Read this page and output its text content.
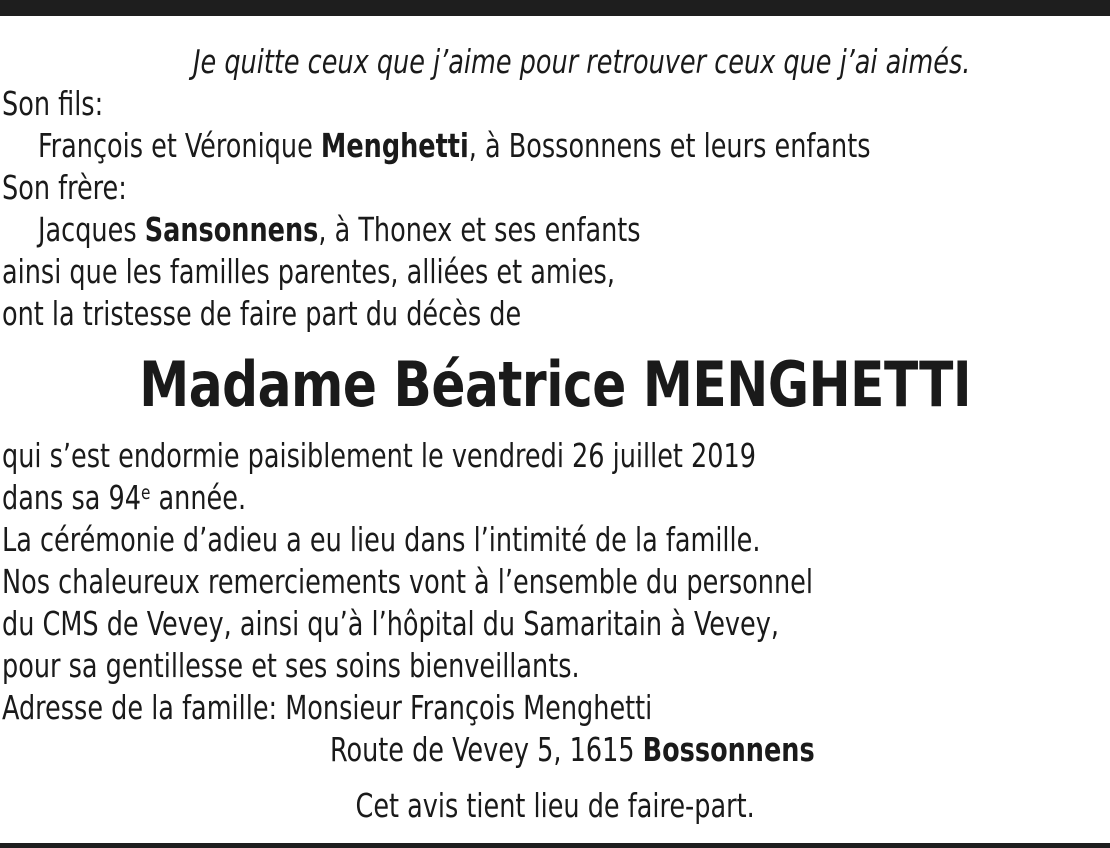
Je quitte ceux que j’aime pour retrouver ceux que j’ai aimés.
Son fils:
François et Véronique Menghetti, à Bossonnens et leurs enfants
Son frère:
Jacques Sansonnens, à Thonex et ses enfants
ainsi que les familles parentes, alliées et amies,
ont la tristesse de faire part du décès de
Madame Béatrice MENGHETTI
qui s’est endormie paisiblement le vendredi 26 juillet 2019
dans sa 94e année.
La cérémonie d’adieu a eu lieu dans l’intimité de la famille.
Nos chaleureux remerciements vont à l’ensemble du personnel
du CMS de Vevey, ainsi qu’à l’hôpital du Samaritain à Vevey,
pour sa gentillesse et ses soins bienveillants.
Adresse de la famille: Monsieur François Menghetti
Route de Vevey 5, 1615 Bossonnens
Cet avis tient lieu de faire-part.
